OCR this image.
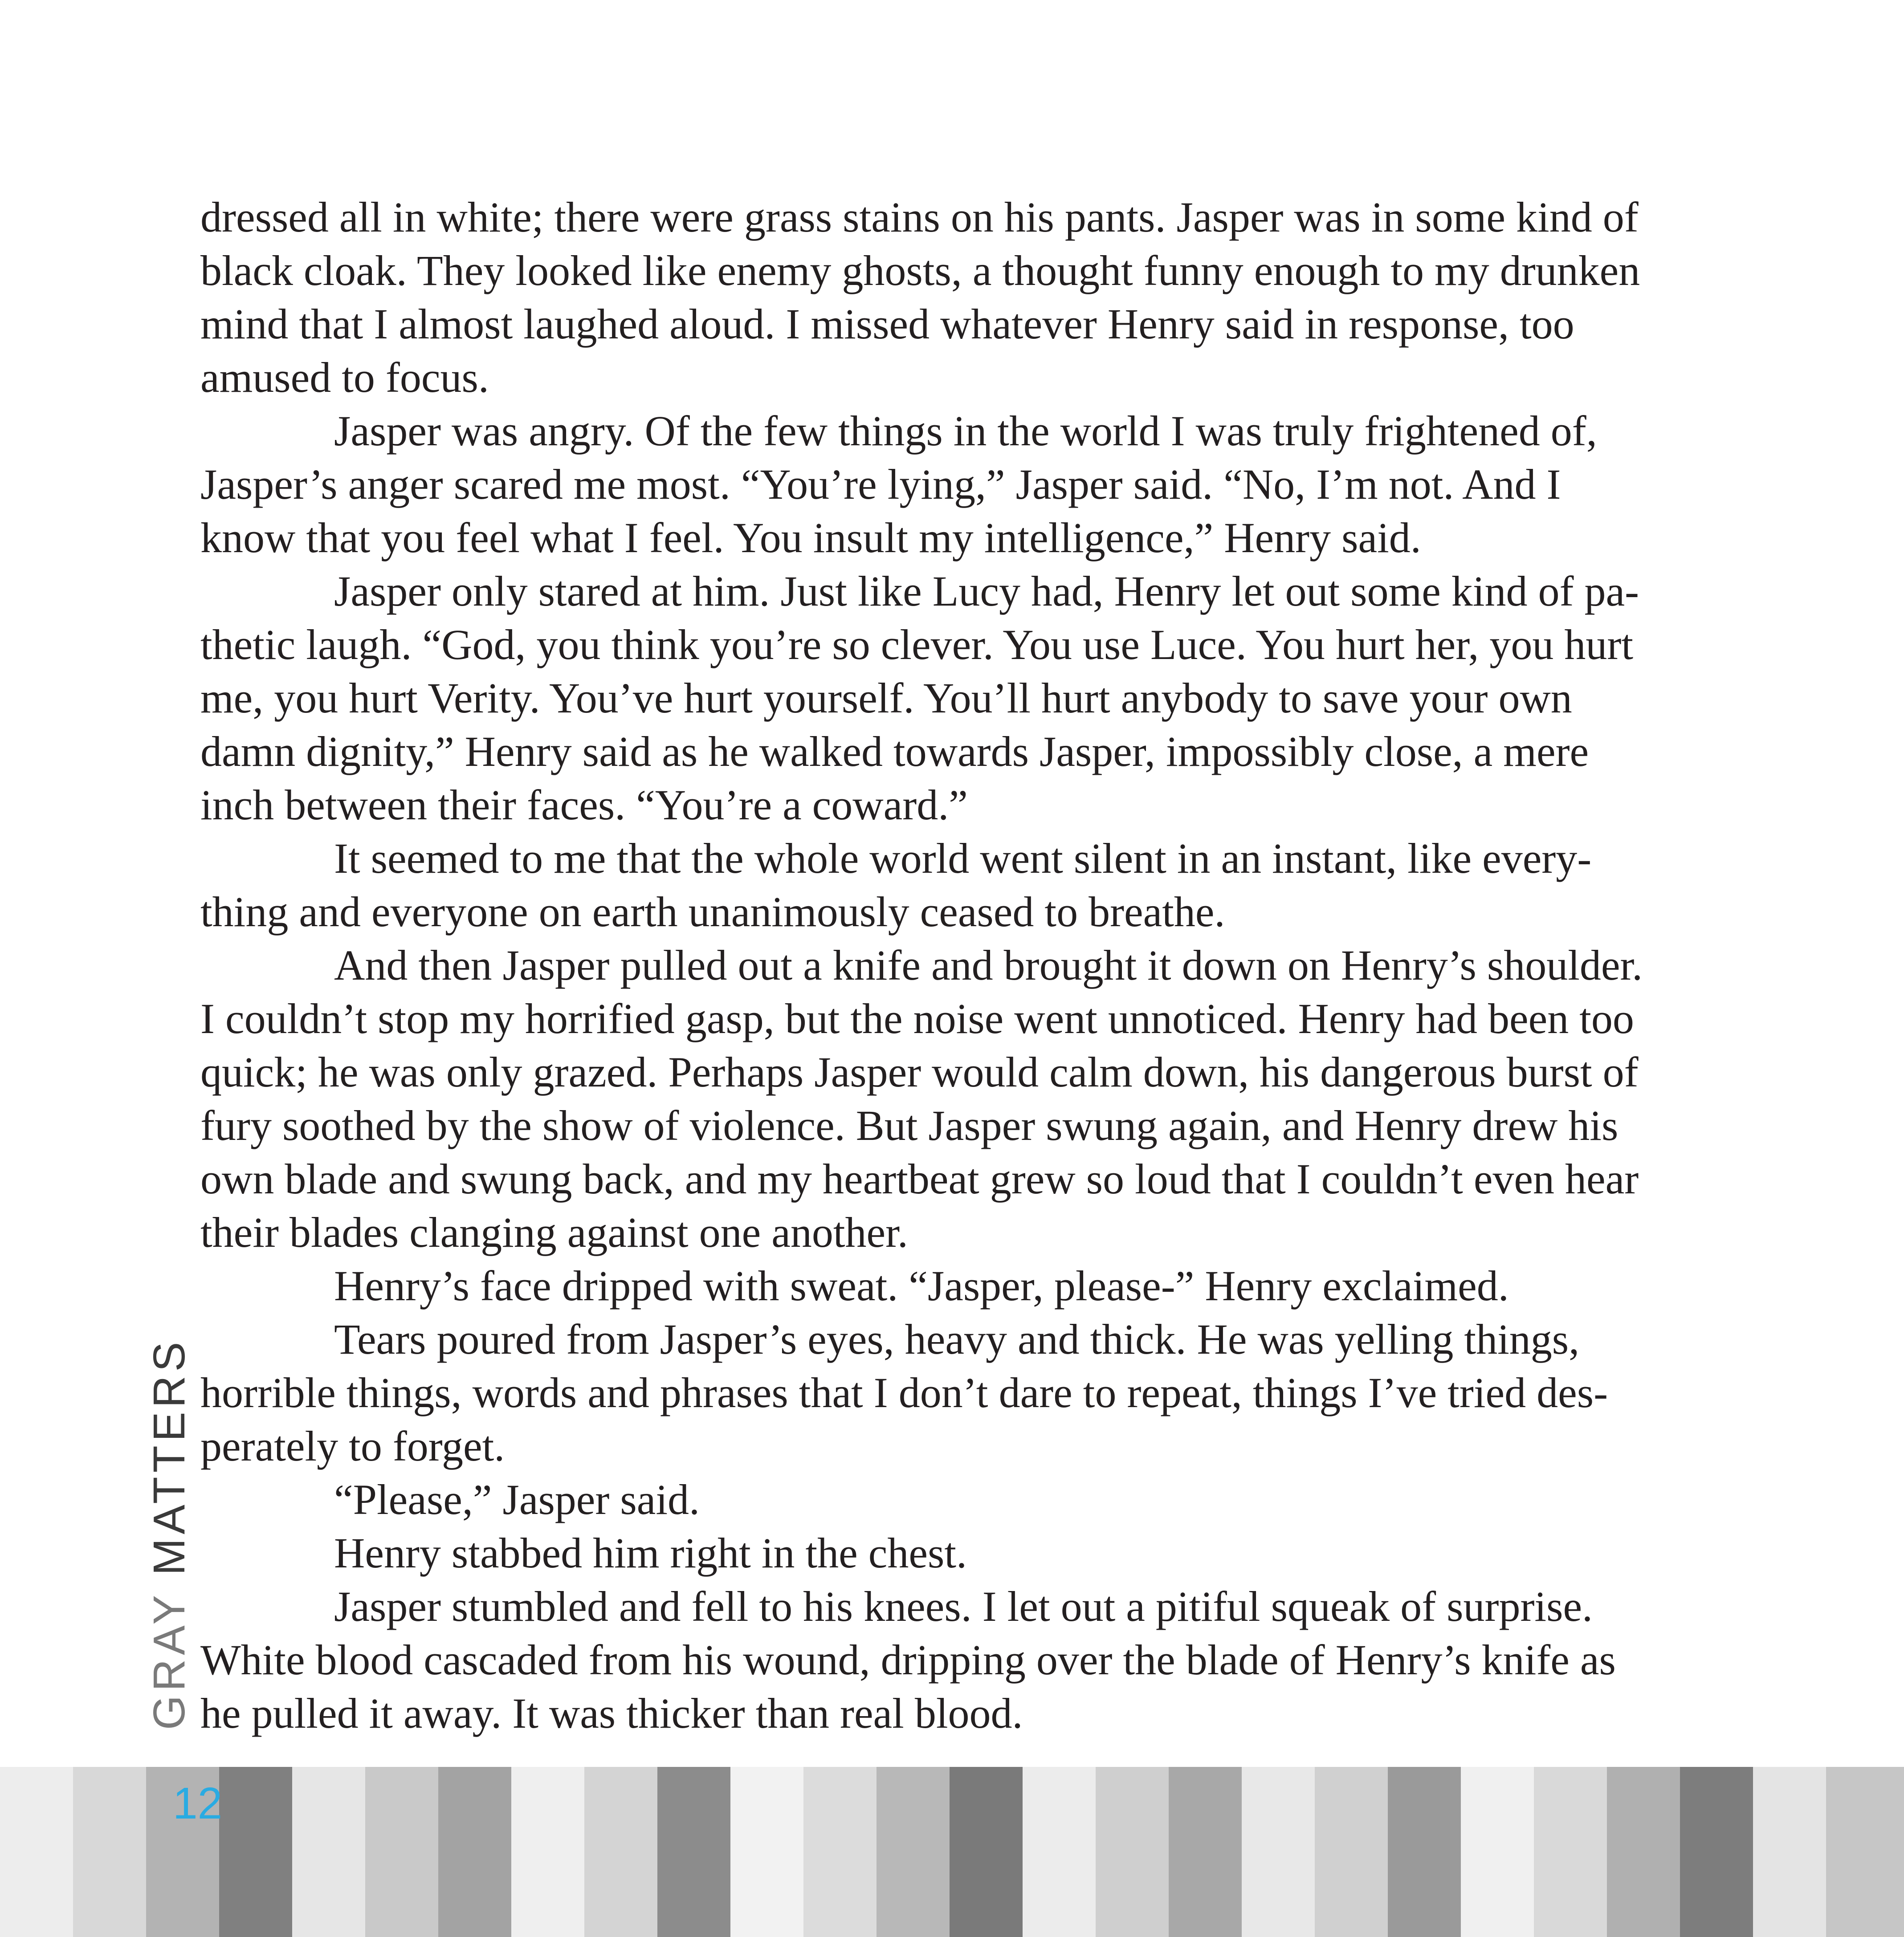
dressed all in white; there were grass stains on his pants. Jasper was in some kind of
black cloak. They looked like enemy ghosts, a thought funny enough to my drunken
mind that I almost laughed aloud. I missed whatever Henry said in response, too
amused to focus.
Jasper was angry. Of the few things in the world I was truly frightened of,
Jasper’s anger scared me most. “You’re lying,” Jasper said. “No, I’m not. And I
know that you feel what I feel. You insult my intelligence,” Henry said.
Jasper only stared at him. Just like Lucy had, Henry let out some kind of pa-
thetic laugh. “God, you think you’re so clever. You use Luce. You hurt her, you hurt
me, you hurt Verity. You’ve hurt yourself. You’ll hurt anybody to save your own
damn dignity,” Henry said as he walked towards Jasper, impossibly close, a mere
inch between their faces. “You’re a coward.”
It seemed to me that the whole world went silent in an instant, like every-
thing and everyone on earth unanimously ceased to breathe.
And then Jasper pulled out a knife and brought it down on Henry’s shoulder.
I couldn’t stop my horrified gasp, but the noise went unnoticed. Henry had been too
quick; he was only grazed. Perhaps Jasper would calm down, his dangerous burst of
fury soothed by the show of violence. But Jasper swung again, and Henry drew his
own blade and swung back, and my heartbeat grew so loud that I couldn’t even hear
their blades clanging against one another.
Henry’s face dripped with sweat. “Jasper, please-” Henry exclaimed.
Tears poured from Jasper’s eyes, heavy and thick. He was yelling things,
horrible things, words and phrases that I don’t dare to repeat, things I’ve tried des-
perately to forget.
“Please,” Jasper said.
Henry stabbed him right in the chest.
Jasper stumbled and fell to his knees. I let out a pitiful squeak of surprise.
White blood cascaded from his wound, dripping over the blade of Henry’s knife as
he pulled it away. It was thicker than real blood.
GRAY MATTERS
12
